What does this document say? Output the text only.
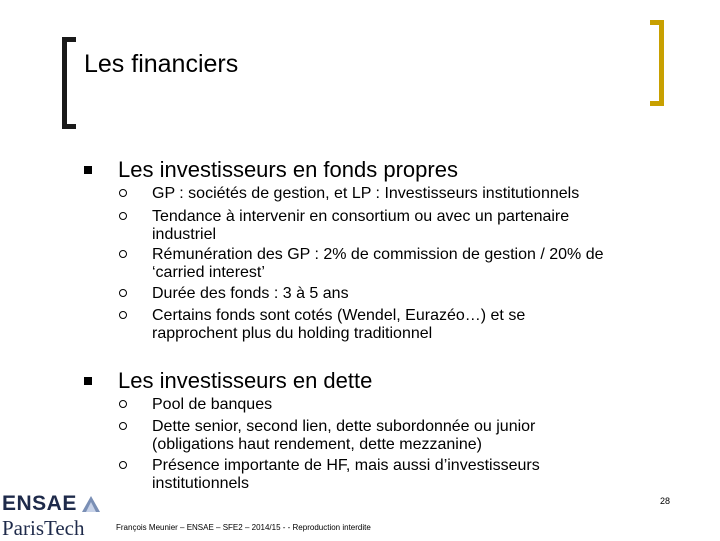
Les financiers
Les investisseurs en fonds propres
GP : sociétés de gestion, et LP : Investisseurs institutionnels
Tendance à intervenir en consortium ou avec un partenaire
industriel
Rémunération des GP : 2% de commission de gestion / 20% de
‘carried interest’
Durée des fonds : 3 à 5 ans
Certains fonds sont cotés (Wendel, Eurazéo…) et se
rapprochent plus du holding traditionnel
Les investisseurs en dette
Pool de banques
Dette senior, second lien, dette subordonnée ou junior
(obligations haut rendement, dette mezzanine)
Présence importante de HF, mais aussi d’investisseurs
institutionnels
ENSAE
ParisTech
28
François Meunier – ENSAE – SFE2 – 2014/15 - - Reproduction interdite
